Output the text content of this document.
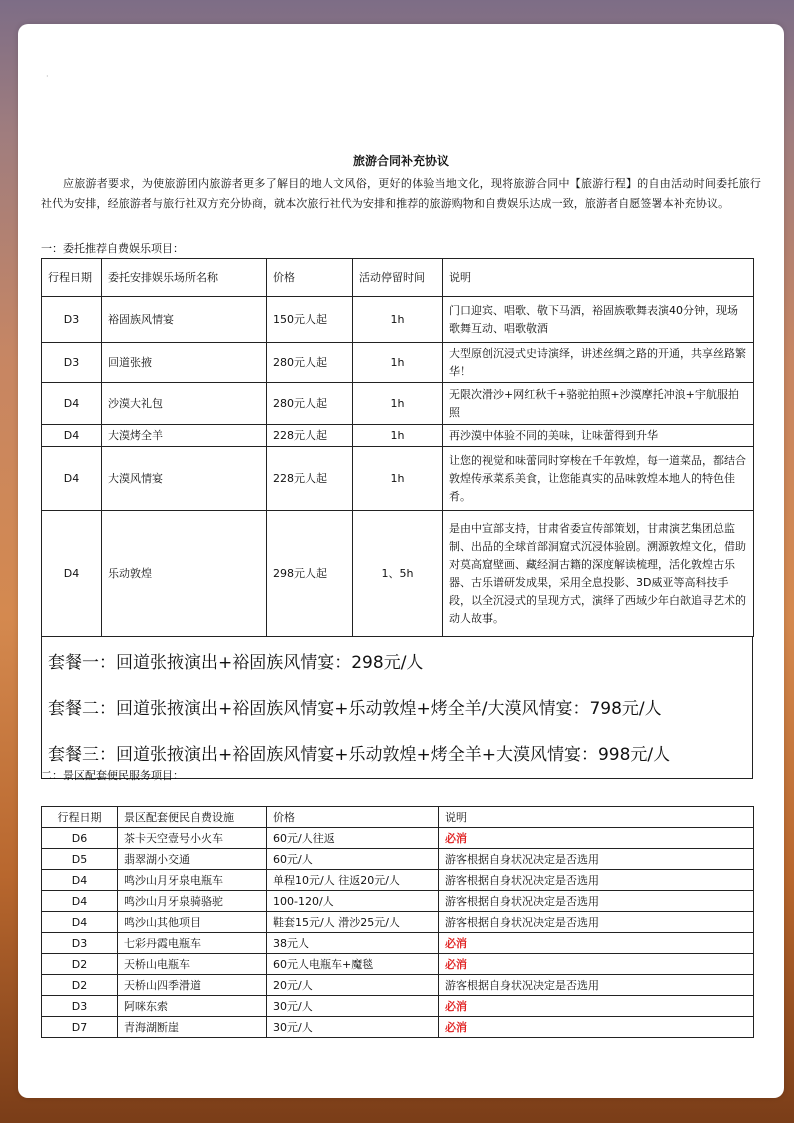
·
旅游合同补充协议
应旅游者要求，为使旅游团内旅游者更多了解目的地人文风俗，更好的体验当地文化，现将旅游合同中【旅游行程】的自由活动时间委托旅行社代为安排，经旅游者与旅行社双方充分协商，就本次旅行社代为安排和推荐的旅游购物和自费娱乐达成一致，旅游者自愿签署本补充协议。
一：委托推荐自费娱乐项目：
行程日期	委托安排娱乐场所名称	价格	活动停留时间	说明
D3	裕固族风情宴	150元人起	1h	门口迎宾、唱歌、敬下马酒，裕固族歌舞表演40分钟，现场歌舞互动、唱歌敬酒
D3	回道张掖	280元人起	1h	大型原创沉浸式史诗演绎，讲述丝绸之路的开通，共享丝路繁华！
D4	沙漠大礼包	280元人起	1h	无限次滑沙+网红秋千+骆驼拍照+沙漠摩托冲浪+宇航服拍照
D4	大漠烤全羊	228元人起	1h	再沙漠中体验不同的美味，让味蕾得到升华
D4	大漠风情宴	228元人起	1h	让您的视觉和味蕾同时穿梭在千年敦煌，每一道菜品，都结合敦煌传承菜系美食，让您能真实的品味敦煌本地人的特色佳肴。
D4	乐动敦煌	298元人起	1、5h	是由中宣部支持，甘肃省委宣传部策划，甘肃演艺集团总监制、出品的全球首部洞窟式沉浸体验剧。溯源敦煌文化，借助对莫高窟壁画、藏经洞古籍的深度解读梳理，活化敦煌古乐器、古乐谱研发成果，采用全息投影、3D威亚等高科技手段，以全沉浸式的呈现方式，演绎了西域少年白歆追寻艺术的动人故事。
套餐一：回道张掖演出+裕固族风情宴：298元/人
套餐二：回道张掖演出+裕固族风情宴+乐动敦煌+烤全羊/大漠风情宴：798元/人
套餐三：回道张掖演出+裕固族风情宴+乐动敦煌+烤全羊+大漠风情宴：998元/人
二：景区配套便民服务项目：
行程日期	景区配套便民自费设施	价格	说明
D6	茶卡天空壹号小火车	60元/人往返	必消
D5	翡翠湖小交通	60元/人	游客根据自身状况决定是否选用
D4	鸣沙山月牙泉电瓶车	单程10元/人 往返20元/人	游客根据自身状况决定是否选用
D4	鸣沙山月牙泉骑骆驼	100-120/人	游客根据自身状况决定是否选用
D4	鸣沙山其他项目	鞋套15元/人 滑沙25元/人	游客根据自身状况决定是否选用
D3	七彩丹霞电瓶车	38元人	必消
D2	天桥山电瓶车	60元人电瓶车+魔毯	必消
D2	天桥山四季滑道	20元/人	游客根据自身状况决定是否选用
D3	阿咪东索	30元/人	必消
D7	青海湖断崖	30元/人	必消
